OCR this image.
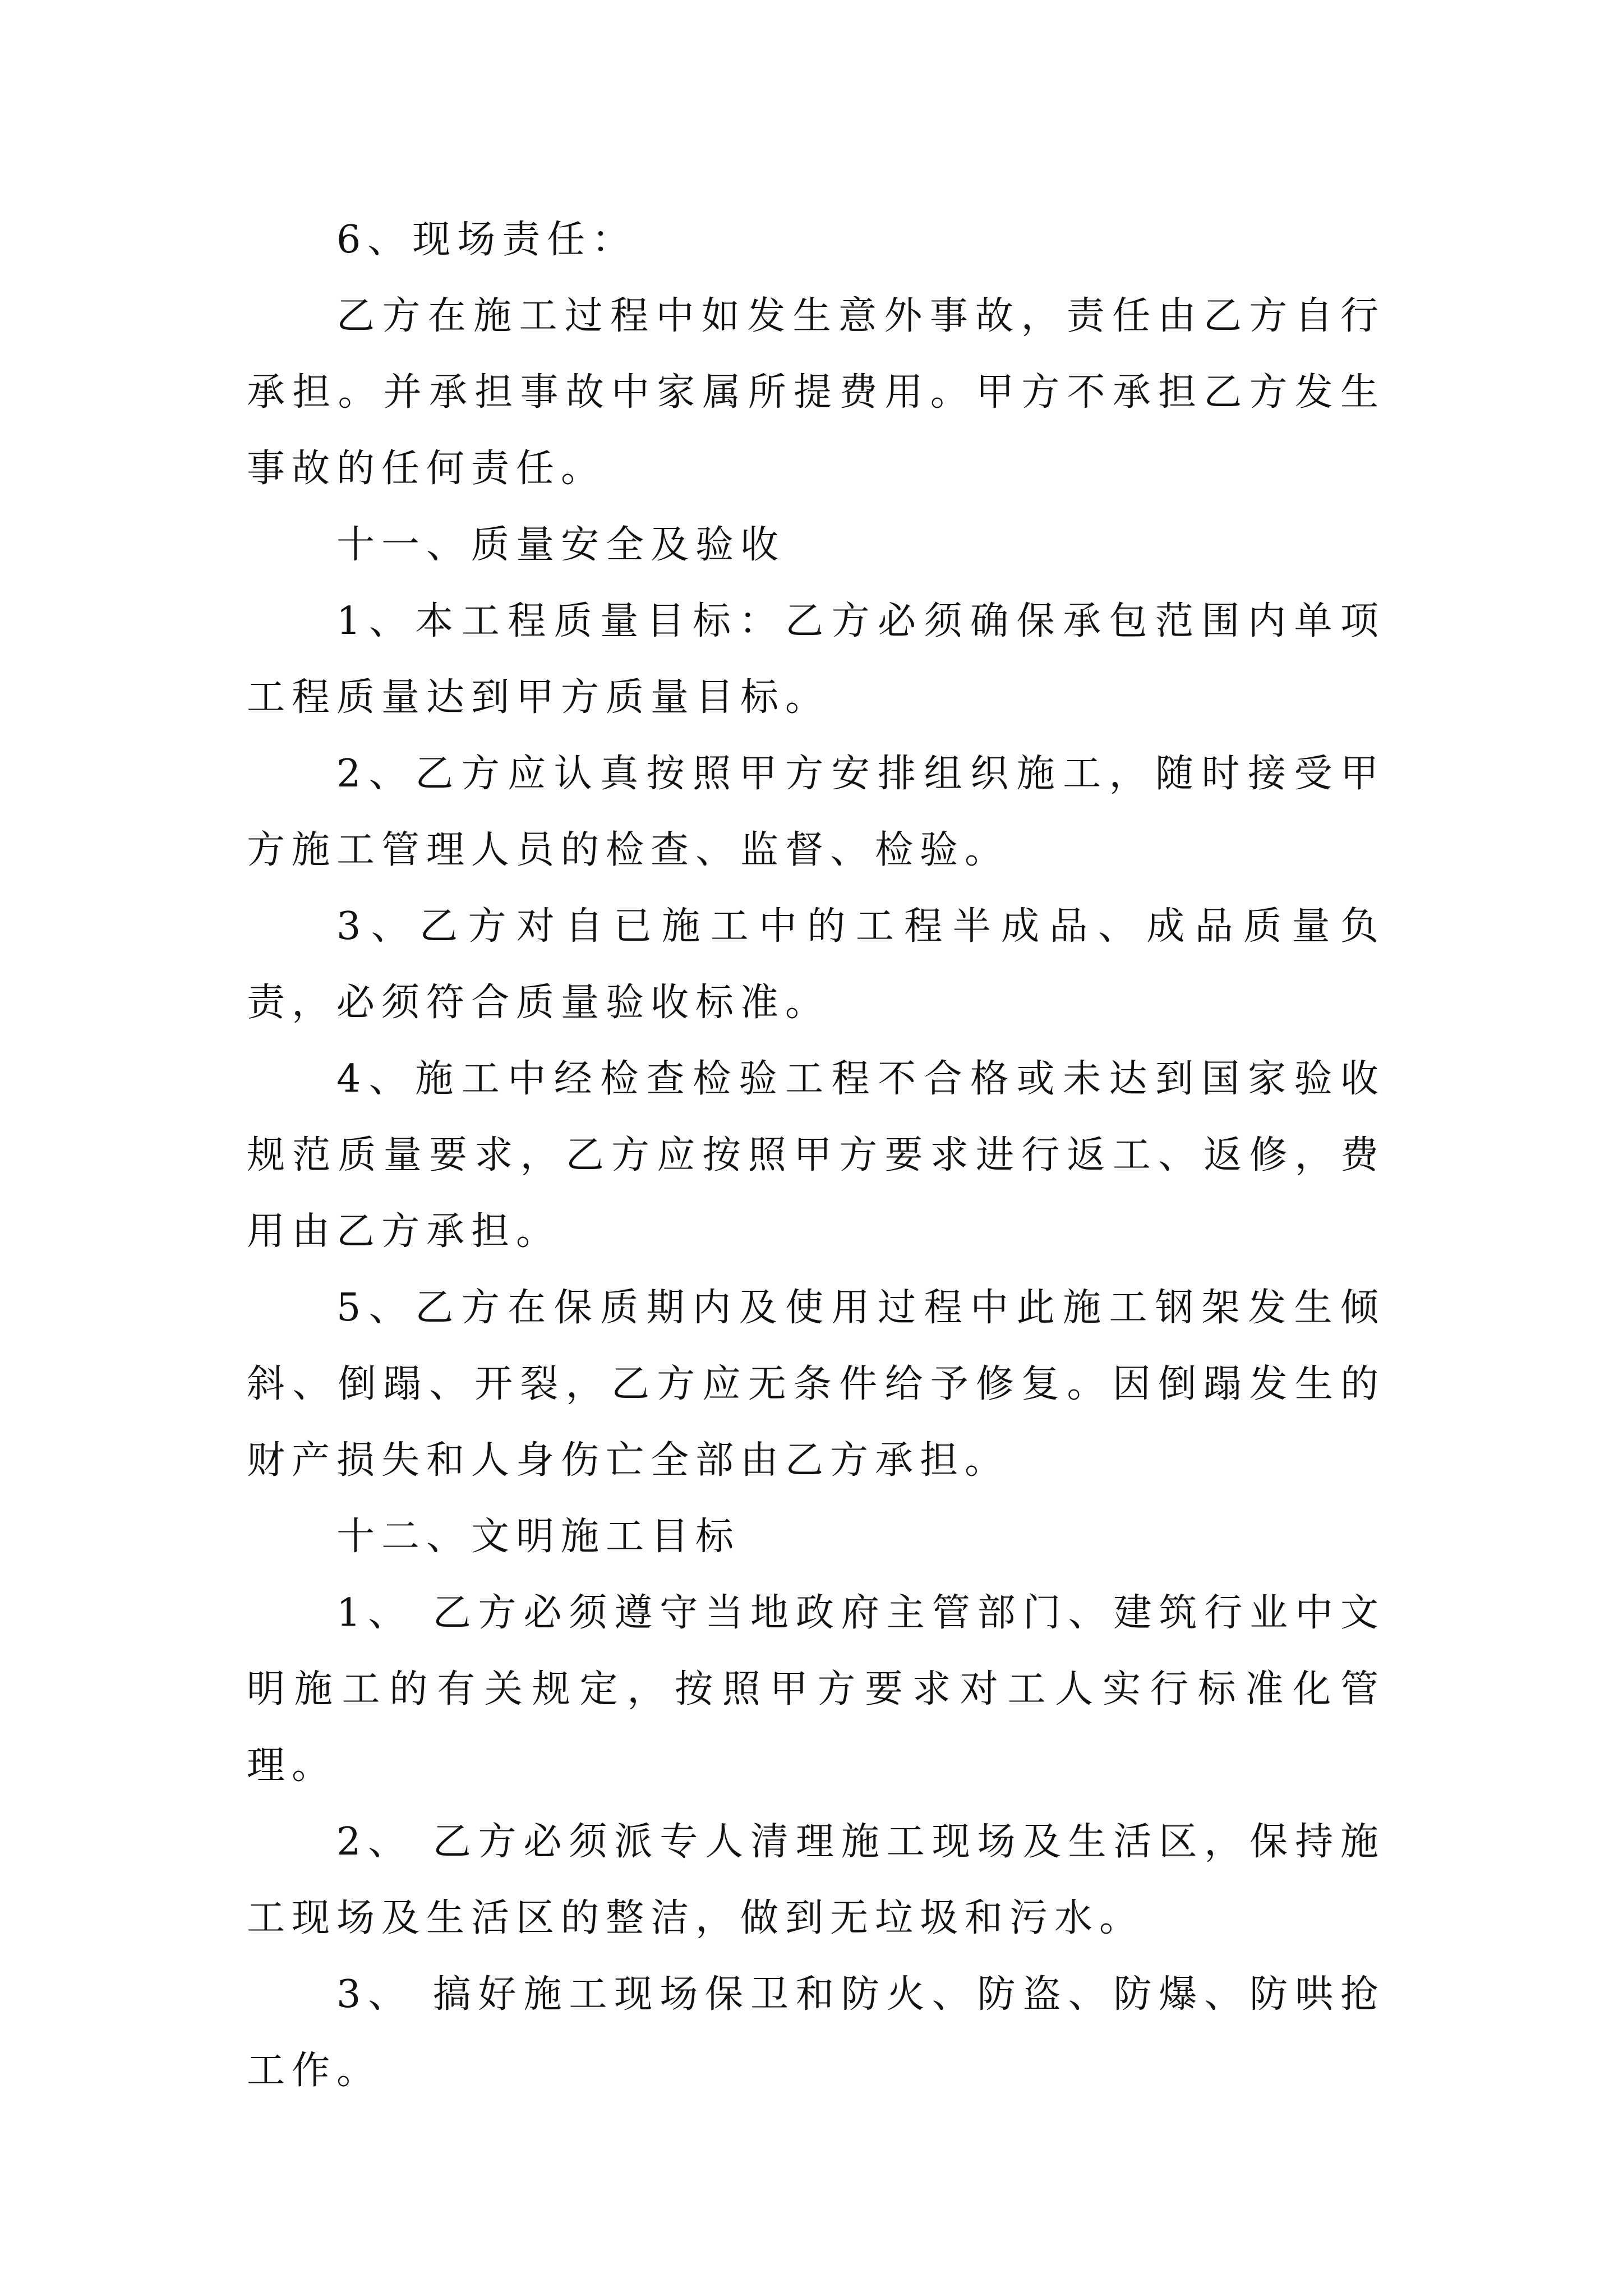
6、现场责任：

乙方在施工过程中如发生意外事故，责任由乙方自行承担。并承担事故中家属所提费用。甲方不承担乙方发生事故的任何责任。

十一、质量安全及验收

1、本工程质量目标：乙方必须确保承包范围内单项工程质量达到甲方质量目标。

2、乙方应认真按照甲方安排组织施工，随时接受甲方施工管理人员的检查、监督、检验。

3、乙方对自已施工中的工程半成品、成品质量负责，必须符合质量验收标准。

4、施工中经检查检验工程不合格或未达到国家验收规范质量要求，乙方应按照甲方要求进行返工、返修，费用由乙方承担。

5、乙方在保质期内及使用过程中此施工钢架发生倾斜、倒蹋、开裂，乙方应无条件给予修复。因倒蹋发生的财产损失和人身伤亡全部由乙方承担。

十二、文明施工目标

1、 乙方必须遵守当地政府主管部门、建筑行业中文明施工的有关规定，按照甲方要求对工人实行标准化管理。

2、 乙方必须派专人清理施工现场及生活区，保持施工现场及生活区的整洁，做到无垃圾和污水。

3、 搞好施工现场保卫和防火、防盗、防爆、防哄抢工作。
